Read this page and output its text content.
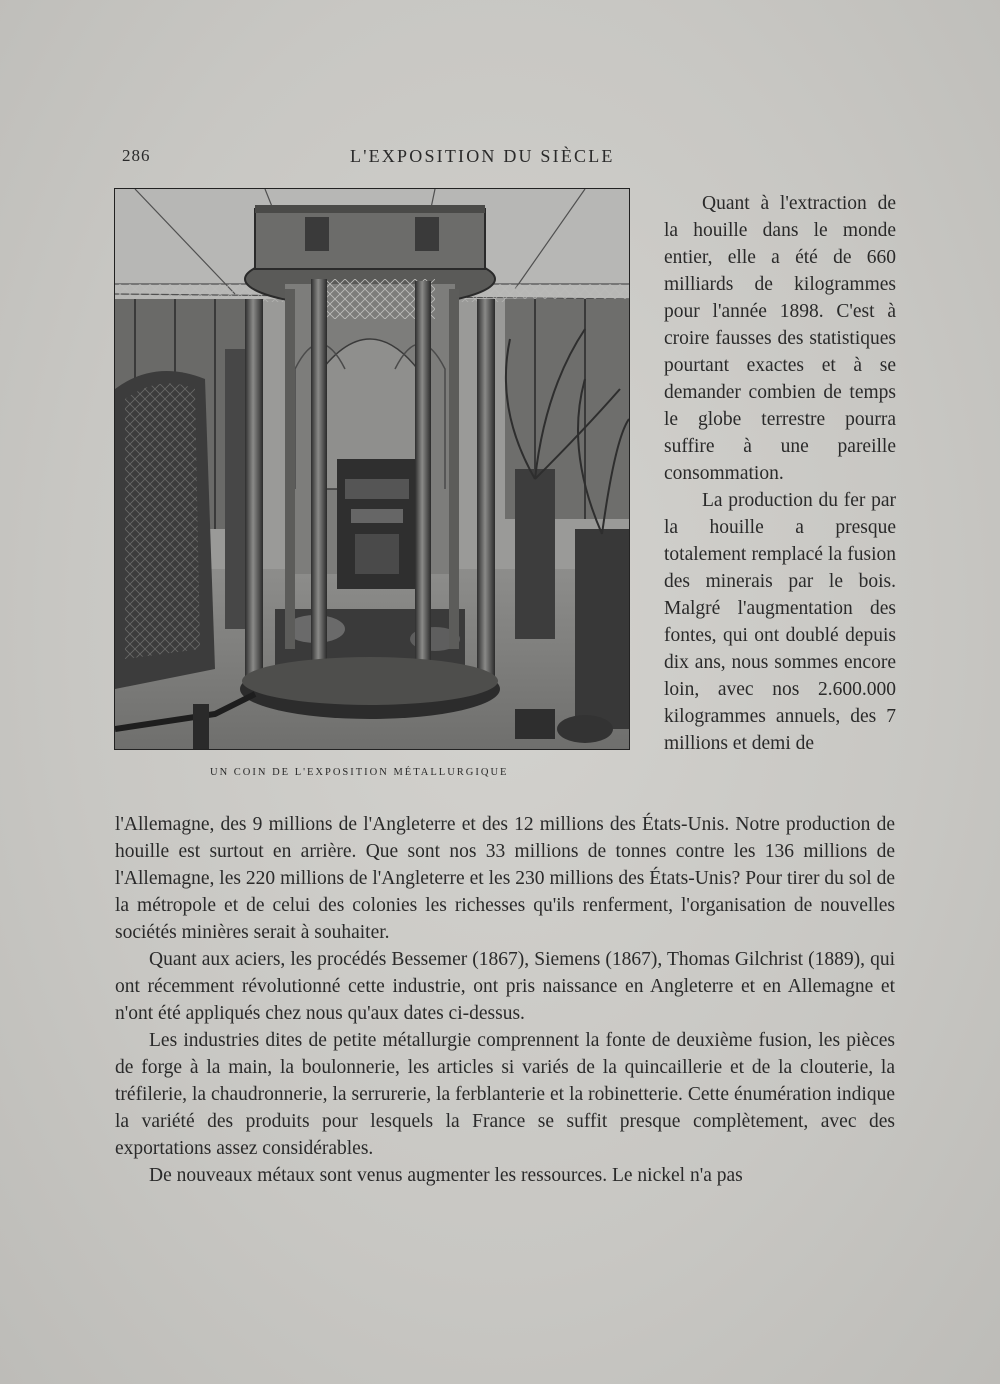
286	L'EXPOSITION DU SIÈCLE
UN COIN DE L'EXPOSITION MÉTALLURGIQUE

Quant à l'extraction de la houille dans le monde entier, elle a été de 660 milliards de kilogrammes pour l'année 1898. C'est à croire fausses des statistiques pourtant exactes et à se demander combien de temps le globe terrestre pourra suffire à une pareille consommation.

La production du fer par la houille a presque totalement remplacé la fusion des minerais par le bois. Malgré l'augmentation des fontes, qui ont doublé depuis dix ans, nous sommes encore loin, avec nos 2.600.000 kilogrammes annuels, des 7 millions et demi de

l'Allemagne, des 9 millions de l'Angleterre et des 12 millions des États-Unis. Notre production de houille est surtout en arrière. Que sont nos 33 millions de tonnes contre les 136 millions de l'Allemagne, les 220 millions de l'Angleterre et les 230 millions des États-Unis? Pour tirer du sol de la métropole et de celui des colonies les richesses qu'ils renferment, l'organisation de nouvelles sociétés minières serait à souhaiter.

Quant aux aciers, les procédés Bessemer (1867), Siemens (1867), Thomas Gilchrist (1889), qui ont récemment révolutionné cette industrie, ont pris naissance en Angleterre et en Allemagne et n'ont été appliqués chez nous qu'aux dates ci-dessus.

Les industries dites de petite métallurgie comprennent la fonte de deuxième fusion, les pièces de forge à la main, la boulonnerie, les articles si variés de la quincaillerie et de la clouterie, la tréfilerie, la chaudronnerie, la serrurerie, la ferblanterie et la robinetterie. Cette énumération indique la variété des produits pour lesquels la France se suffit presque complètement, avec des exportations assez considérables.

De nouveaux métaux sont venus augmenter les ressources. Le nickel n'a pas
